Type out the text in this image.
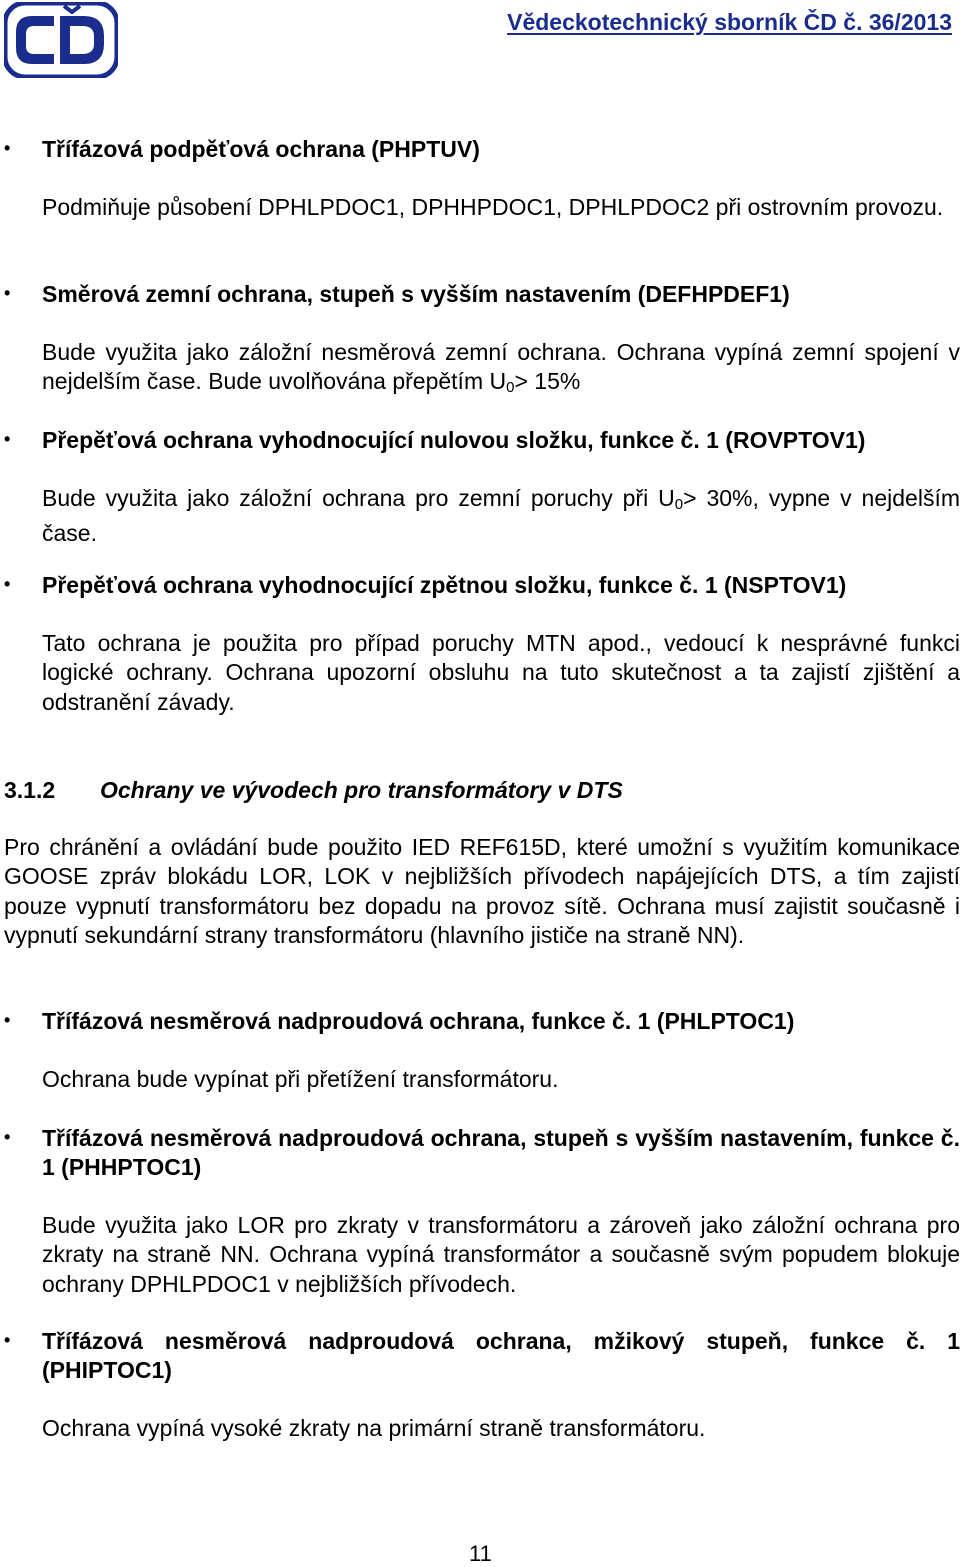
Vědeckotechnický sborník ČD č. 36/2013
• Třífázová podpěťová ochrana (PHPTUV)
Podmiňuje působení DPHLPDOC1, DPHHPDOC1, DPHLPDOC2 při ostrovním provozu.
• Směrová zemní ochrana, stupeň s vyšším nastavením (DEFHPDEF1)
Bude využita jako záložní nesměrová zemní ochrana. Ochrana vypíná zemní spojení v nejdelším čase. Bude uvolňována přepětím $U_0> 15\%$
• Přepěťová ochrana vyhodnocující nulovou složku, funkce č. 1 (ROVPTOV1)
Bude využita jako záložní ochrana pro zemní poruchy při $U_0> 30\%$, vypne v nejdelším čase.
• Přepěťová ochrana vyhodnocující zpětnou složku, funkce č. 1 (NSPTOV1)
Tato ochrana je použita pro případ poruchy MTN apod., vedoucí k nesprávné funkci logické ochrany. Ochrana upozorní obsluhu na tuto skutečnost a ta zajistí zjištění a odstranění závady.
3.1.2 Ochrany ve vývodech pro transformátory v DTS
Pro chránění a ovládání bude použito IED REF615D, které umožní s využitím komunikace GOOSE zpráv blokádu LOR, LOK v nejbližších přívodech napájejících DTS, a tím zajistí pouze vypnutí transformátoru bez dopadu na provoz sítě. Ochrana musí zajistit současně i vypnutí sekundární strany transformátoru (hlavního jističe na straně NN).
• Třífázová nesměrová nadproudová ochrana, funkce č. 1 (PHLPTOC1)
Ochrana bude vypínat při přetížení transformátoru.
• Třífázová nesměrová nadproudová ochrana, stupeň s vyšším nastavením, funkce č. 1 (PHHPTOC1)
Bude využita jako LOR pro zkraty v transformátoru a zároveň jako záložní ochrana pro zkraty na straně NN. Ochrana vypíná transformátor a současně svým popudem blokuje ochrany DPHLPDOC1 v nejbližších přívodech.
• Třífázová nesměrová nadproudová ochrana, mžikový stupeň, funkce č. 1 (PHIPTOC1)
Ochrana vypíná vysoké zkraty na primární straně transformátoru.
11
